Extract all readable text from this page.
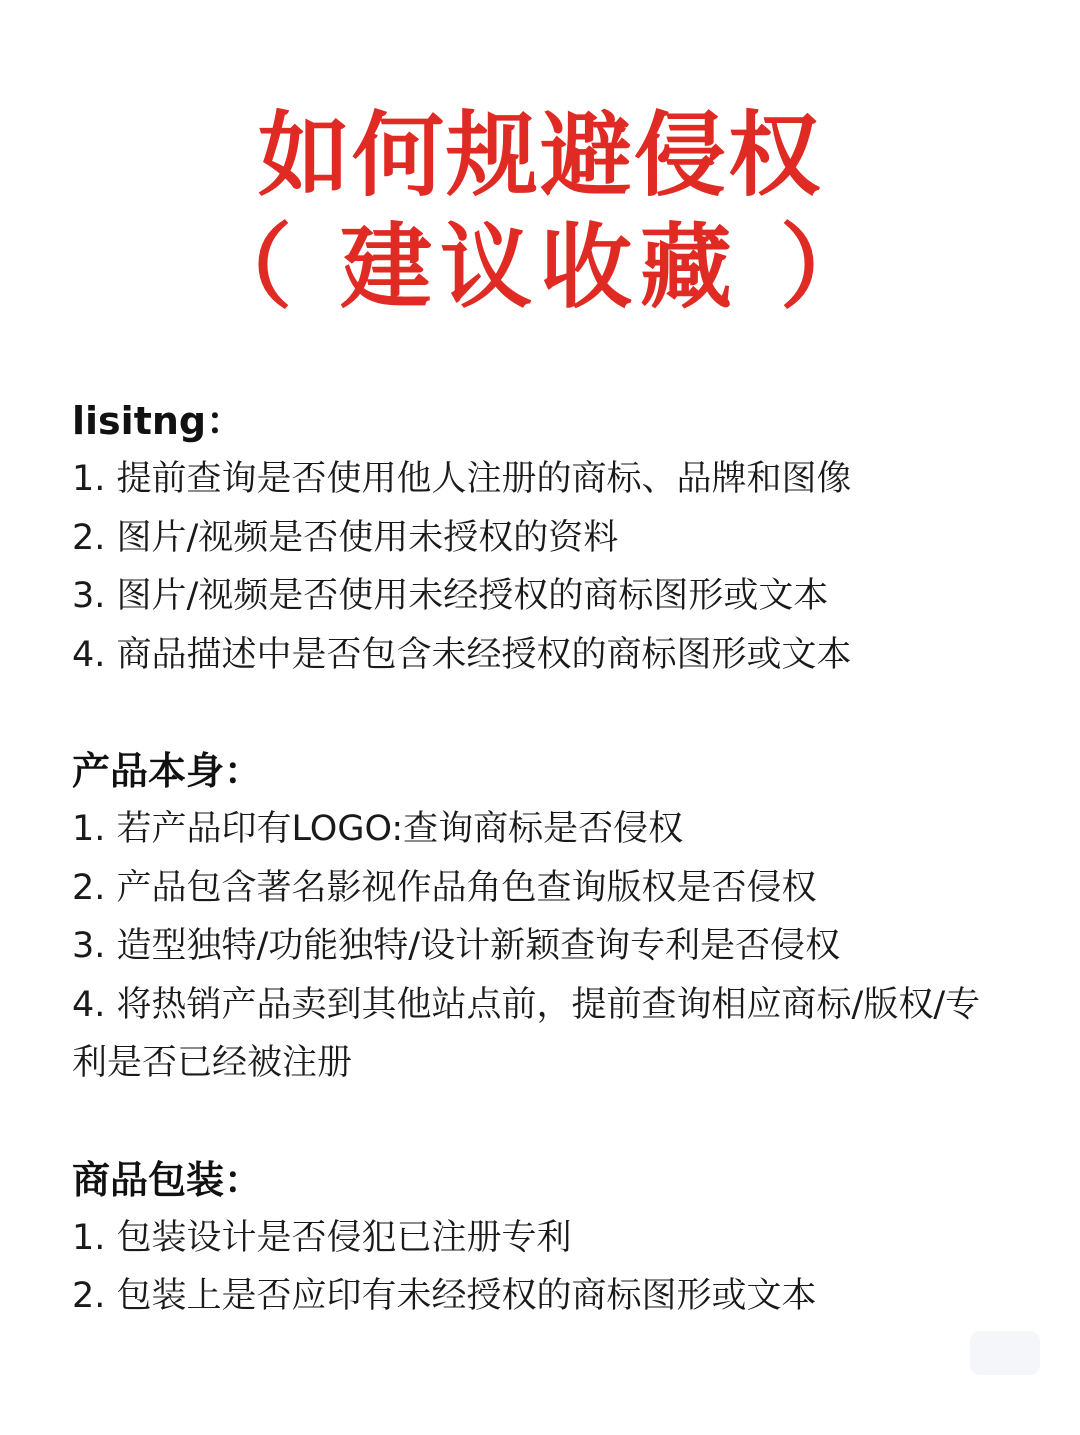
如何规避侵权
（ 建议收藏 ）

lisitng：

1. 提前查询是否使用他人注册的商标、品牌和图像

2. 图片/视频是否使用未授权的资料

3. 图片/视频是否使用未经授权的商标图形或文本

4. 商品描述中是否包含未经授权的商标图形或文本

产品本身：

1. 若产品印有LOGO:查询商标是否侵权

2. 产品包含著名影视作品角色查询版权是否侵权

3. 造型独特/功能独特/设计新颖查询专利是否侵权

4. 将热销产品卖到其他站点前，提前查询相应商标/版权/专利是否已经被注册

商品包装：

1. 包装设计是否侵犯已注册专利

2. 包装上是否应印有未经授权的商标图形或文本
